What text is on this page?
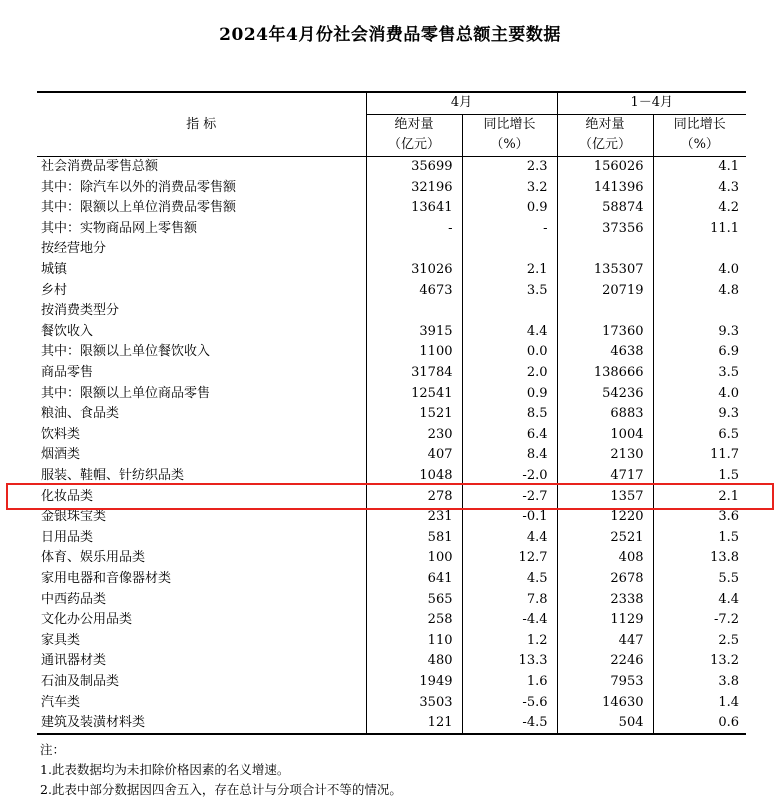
2024年4月份社会消费品零售总额主要数据
指 标	4月		1－4月	
	绝对量	同比增长	绝对量	同比增长
	（亿元）	（%）	（亿元）	（%）
社会消费品零售总额	35699	2.3	156026	4.1
其中：除汽车以外的消费品零售额	32196	3.2	141396	4.3
其中：限额以上单位消费品零售额	13641	0.9	58874	4.2
其中：实物商品网上零售额	-	-	37356	11.1
按经营地分				
城镇	31026	2.1	135307	4.0
乡村	4673	3.5	20719	4.8
按消费类型分				
餐饮收入	3915	4.4	17360	9.3
其中：限额以上单位餐饮收入	1100	0.0	4638	6.9
商品零售	31784	2.0	138666	3.5
其中：限额以上单位商品零售	12541	0.9	54236	4.0
粮油、食品类	1521	8.5	6883	9.3
饮料类	230	6.4	1004	6.5
烟酒类	407	8.4	2130	11.7
服装、鞋帽、针纺织品类	1048	-2.0	4717	1.5
化妆品类	278	-2.7	1357	2.1
金银珠宝类	231	-0.1	1220	3.6
日用品类	581	4.4	2521	1.5
体育、娱乐用品类	100	12.7	408	13.8
家用电器和音像器材类	641	4.5	2678	5.5
中西药品类	565	7.8	2338	4.4
文化办公用品类	258	-4.4	1129	-7.2
家具类	110	1.2	447	2.5
通讯器材类	480	13.3	2246	13.2
石油及制品类	1949	1.6	7953	3.8
汽车类	3503	-5.6	14630	1.4
建筑及装潢材料类	121	-4.5	504	0.6
注：
1.此表数据均为未扣除价格因素的名义增速。
2.此表中部分数据因四舍五入，存在总计与分项合计不等的情况。
